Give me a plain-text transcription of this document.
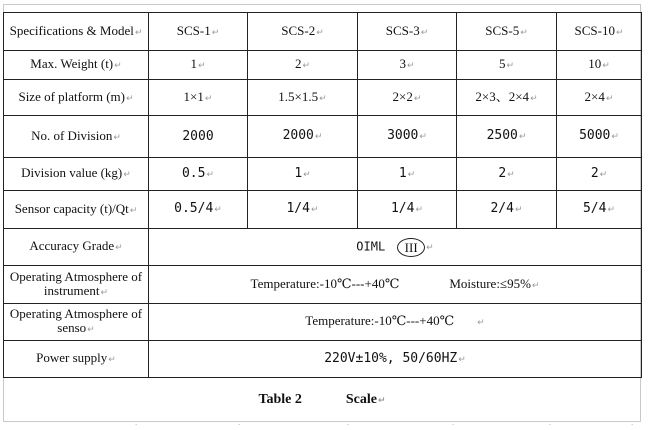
Specifications & Model↵	SCS-1↵	SCS-2↵	SCS-3↵	SCS-5↵	SCS-10↵
Max. Weight (t)↵	1↵	2↵	3↵	5↵	10↵
Size of platform (m)↵	1×1↵	1.5×1.5↵	2×2↵	2×3、2×4↵	2×4↵
No. of Division↵	2000	2000↵	3000↵	2500↵	5000↵
Division value (kg)↵	0.5↵	1↵	1↵	2↵	2↵
Sensor capacity (t)/Qt↵	0.5/4↵	1/4↵	1/4↵	2/4↵	5/4↵
Accuracy Grade↵	OIML III ↵				
Operating Atmosphere of instrument↵	Temperature:-10℃---+40℃ Moisture:≤95%↵				
Operating Atmosphere of senso↵	Temperature:-10℃---+40℃ ↵				
Power supply↵	220V±10%, 50/60HZ↵				
Table 2	Scale↵
·	·	·	·	·	·
